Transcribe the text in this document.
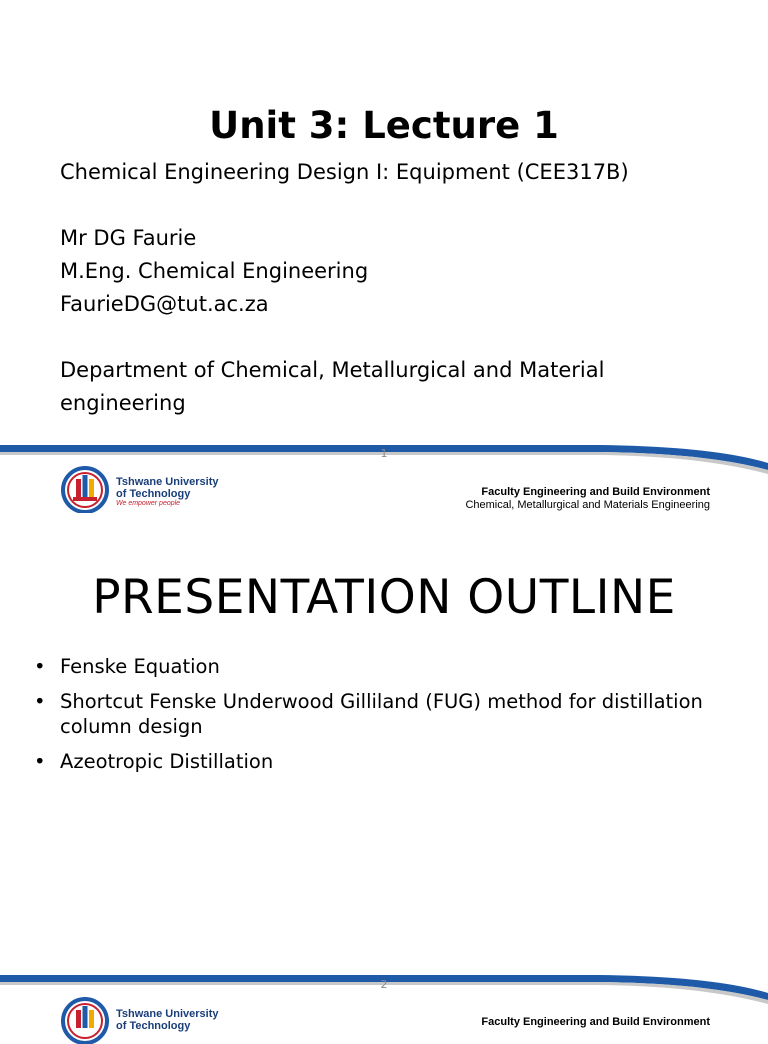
Unit 3: Lecture 1
Chemical Engineering Design I: Equipment (CEE317B)
Mr DG Faurie
M.Eng. Chemical Engineering
FaurieDG@tut.ac.za
Department of Chemical, Metallurgical and Material
engineering
1
Tshwane University
of Technology
We empower people
Faculty Engineering and Build Environment
Chemical, Metallurgical and Materials Engineering
PRESENTATION OUTLINE
• Fenske Equation
• Shortcut Fenske Underwood Gilliland (FUG) method for distillation column design
• Azeotropic Distillation
2
Tshwane University
of Technology	Faculty Engineering and Build Environment
